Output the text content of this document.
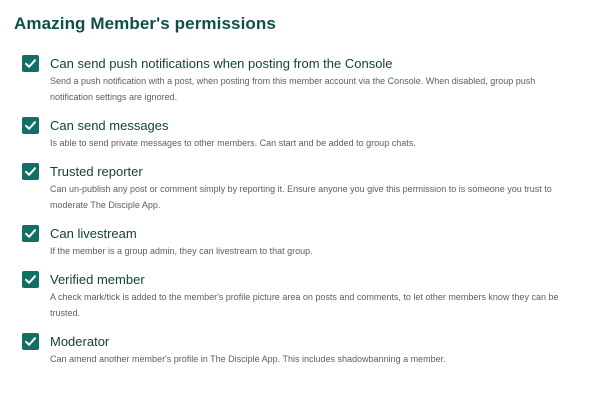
Amazing Member's permissions
Can send push notifications when posting from the Console
Send a push notification with a post, when posting from this member account via the Console. When disabled, group push notification settings are ignored.
Can send messages
Is able to send private messages to other members. Can start and be added to group chats.
Trusted reporter
Can un-publish any post or comment simply by reporting it. Ensure anyone you give this permission to is someone you trust to moderate The Disciple App.
Can livestream
If the member is a group admin, they can livestream to that group.
Verified member
A check mark/tick is added to the member's profile picture area on posts and comments, to let other members know they can be trusted.
Moderator
Can amend another member's profile in The Disciple App. This includes shadowbanning a member.
